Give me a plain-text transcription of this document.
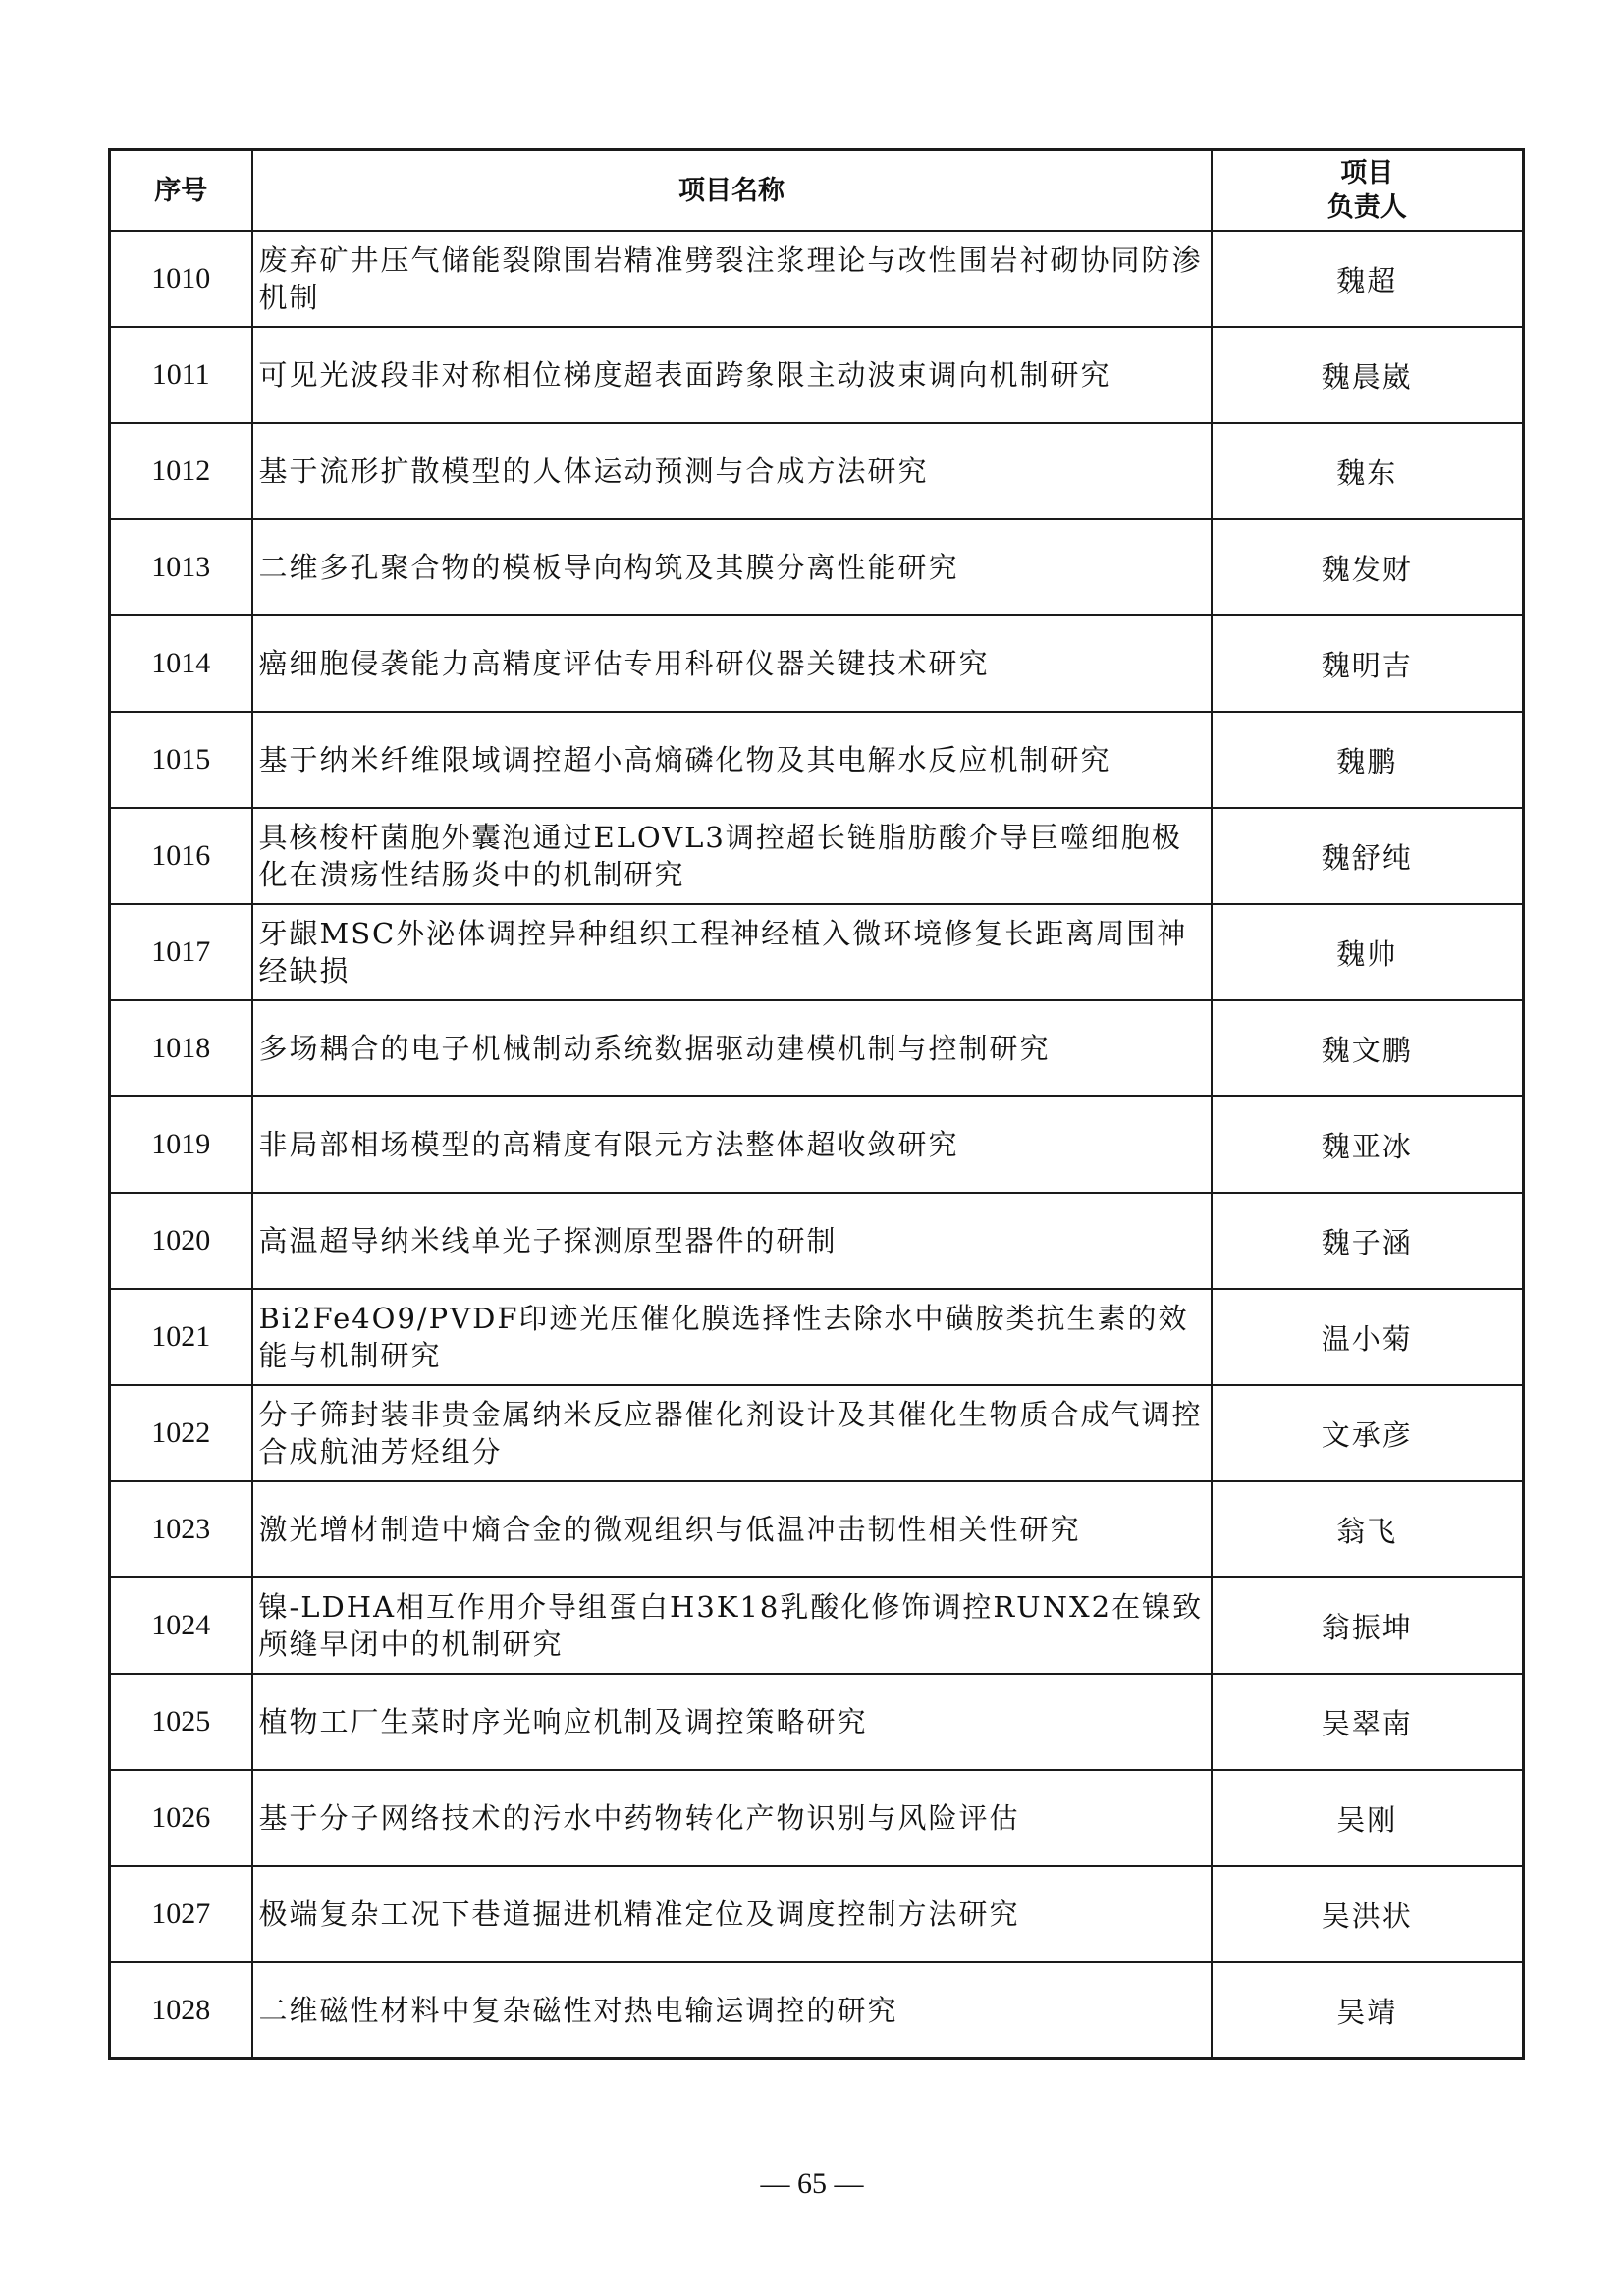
序号	项目名称	项目
负责人
1010	废弃矿井压气储能裂隙围岩精准劈裂注浆理论与改性围岩衬砌协同防渗机制	魏超
1011	可见光波段非对称相位梯度超表面跨象限主动波束调向机制研究	魏晨崴
1012	基于流形扩散模型的人体运动预测与合成方法研究	魏东
1013	二维多孔聚合物的模板导向构筑及其膜分离性能研究	魏发财
1014	癌细胞侵袭能力高精度评估专用科研仪器关键技术研究	魏明吉
1015	基于纳米纤维限域调控超小高熵磷化物及其电解水反应机制研究	魏鹏
1016	具核梭杆菌胞外囊泡通过ELOVL3调控超长链脂肪酸介导巨噬细胞极化在溃疡性结肠炎中的机制研究	魏舒纯
1017	牙龈MSC外泌体调控异种组织工程神经植入微环境修复长距离周围神经缺损	魏帅
1018	多场耦合的电子机械制动系统数据驱动建模机制与控制研究	魏文鹏
1019	非局部相场模型的高精度有限元方法整体超收敛研究	魏亚冰
1020	高温超导纳米线单光子探测原型器件的研制	魏子涵
1021	Bi2Fe4O9/PVDF印迹光压催化膜选择性去除水中磺胺类抗生素的效能与机制研究	温小菊
1022	分子筛封装非贵金属纳米反应器催化剂设计及其催化生物质合成气调控合成航油芳烃组分	文承彦
1023	激光增材制造中熵合金的微观组织与低温冲击韧性相关性研究	翁飞
1024	镍-LDHA相互作用介导组蛋白H3K18乳酸化修饰调控RUNX2在镍致颅缝早闭中的机制研究	翁振坤
1025	植物工厂生菜时序光响应机制及调控策略研究	吴翠南
1026	基于分子网络技术的污水中药物转化产物识别与风险评估	吴刚
1027	极端复杂工况下巷道掘进机精准定位及调度控制方法研究	吴洪状
1028	二维磁性材料中复杂磁性对热电输运调控的研究	吴靖
— 65 —
